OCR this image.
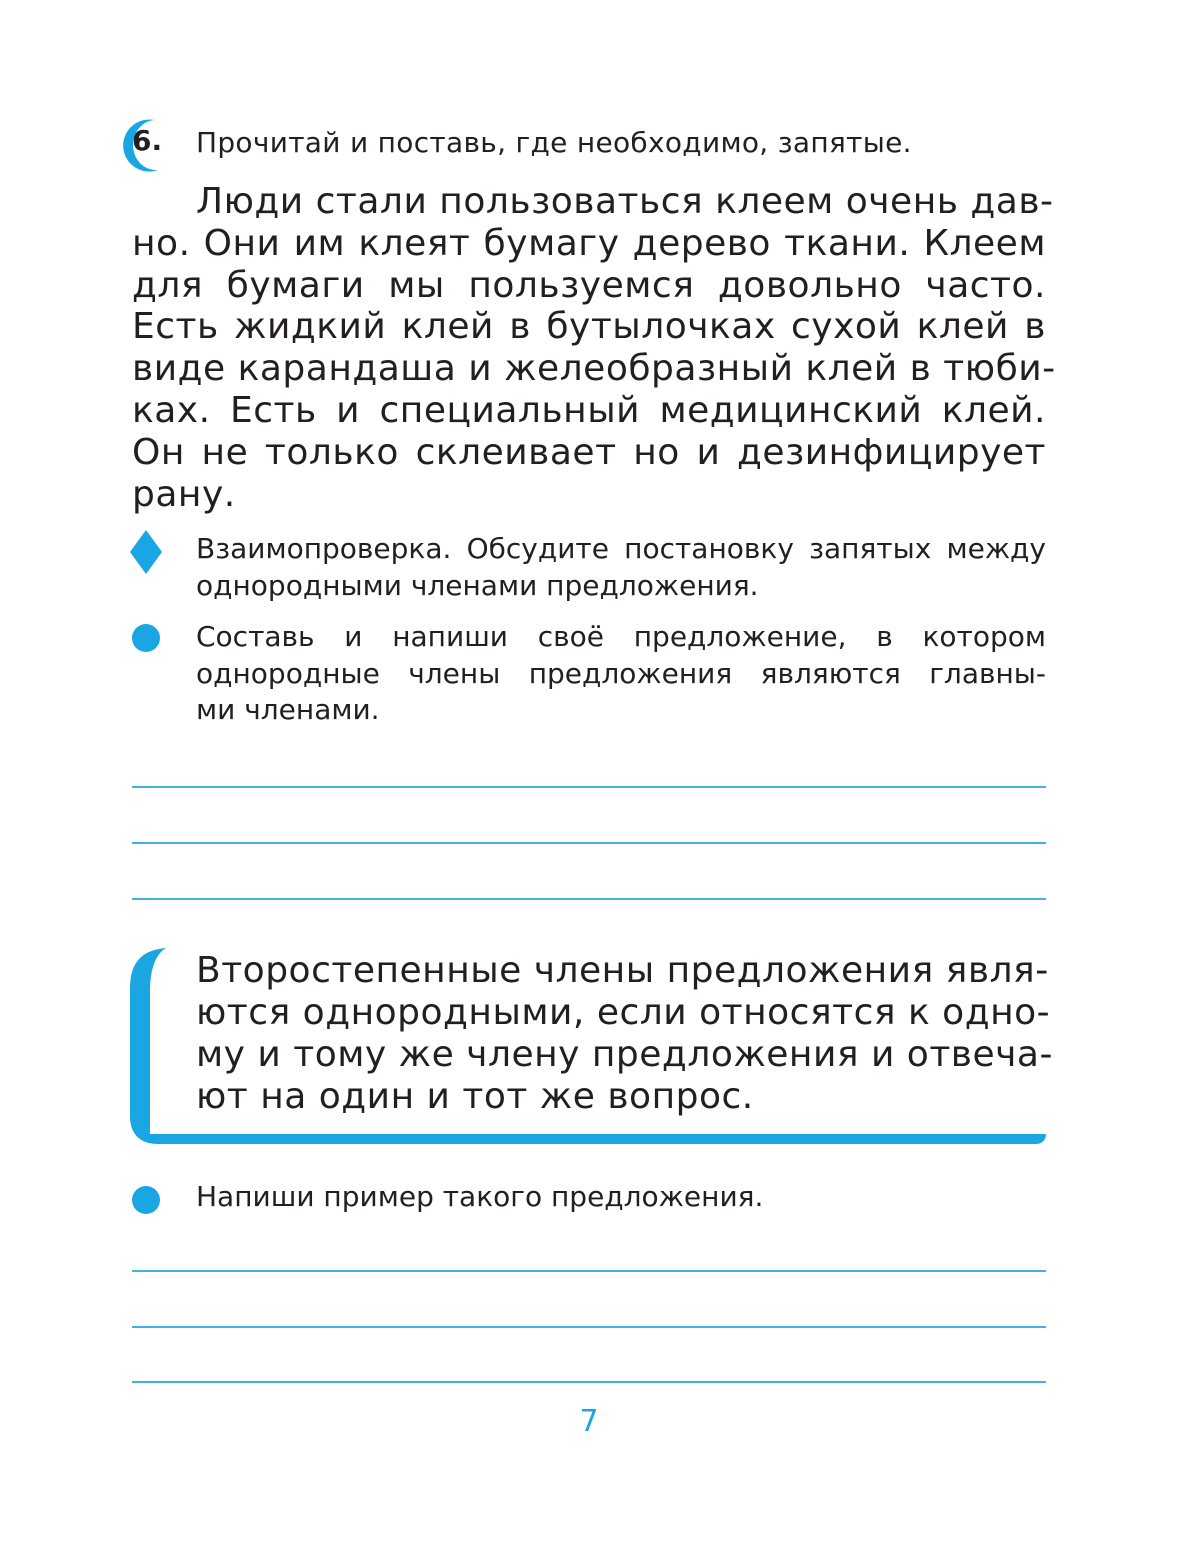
6. Прочитай и поставь, где необходимо, запятые.
Люди стали пользоваться клеем очень дав-
но. Они им клеят бумагу дерево ткани. Клеем
для бумаги мы пользуемся довольно часто.
Есть жидкий клей в бутылочках сухой клей в
виде карандаша и желеобразный клей в тюби-
ках. Есть и специальный медицинский клей.
Он не только склеивает но и дезинфицирует
рану.
Взаимопроверка. Обсудите постановку запятых между
однородными членами предложения.
Составь и напиши своё предложение, в котором
однородные члены предложения являются главны-
ми членами.
Второстепенные члены предложения явля-
ются однородными, если относятся к одно-
му и тому же члену предложения и отвеча-
ют на один и тот же вопрос.
Напиши пример такого предложения.
7
